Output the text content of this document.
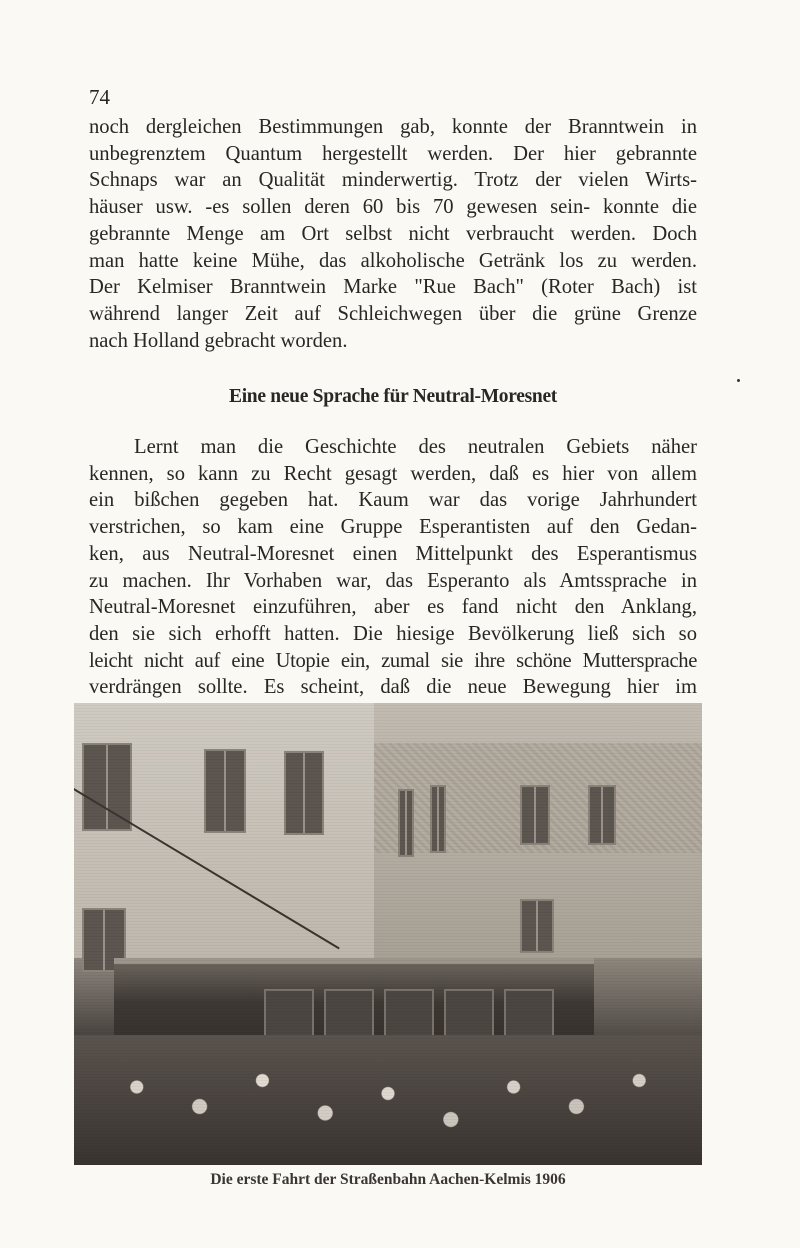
74

noch dergleichen Bestimmungen gab, konnte der Branntwein in
unbegrenztem Quantum hergestellt werden. Der hier gebrannte
Schnaps war an Qualität minderwertig. Trotz der vielen Wirts-
häuser usw. -es sollen deren 60 bis 70 gewesen sein- konnte die
gebrannte Menge am Ort selbst nicht verbraucht werden. Doch
man hatte keine Mühe, das alkoholische Getränk los zu werden.
Der Kelmiser Branntwein Marke "Rue Bach" (Roter Bach) ist
während langer Zeit auf Schleichwegen über die grüne Grenze
nach Holland gebracht worden.

Eine neue Sprache für Neutral-Moresnet

Lernt man die Geschichte des neutralen Gebiets näher
kennen, so kann zu Recht gesagt werden, daß es hier von allem
ein bißchen gegeben hat. Kaum war das vorige Jahrhundert
verstrichen, so kam eine Gruppe Esperantisten auf den Gedan-
ken, aus Neutral-Moresnet einen Mittelpunkt des Esperantismus
zu machen. Ihr Vorhaben war, das Esperanto als Amtssprache in
Neutral-Moresnet einzuführen, aber es fand nicht den Anklang,
den sie sich erhofft hatten. Die hiesige Bevölkerung ließ sich so
leicht nicht auf eine Utopie ein, zumal sie ihre schöne Muttersprache
verdrängen sollte. Es scheint, daß die neue Bewegung hier im

Die erste Fahrt der Straßenbahn Aachen-Kelmis 1906
